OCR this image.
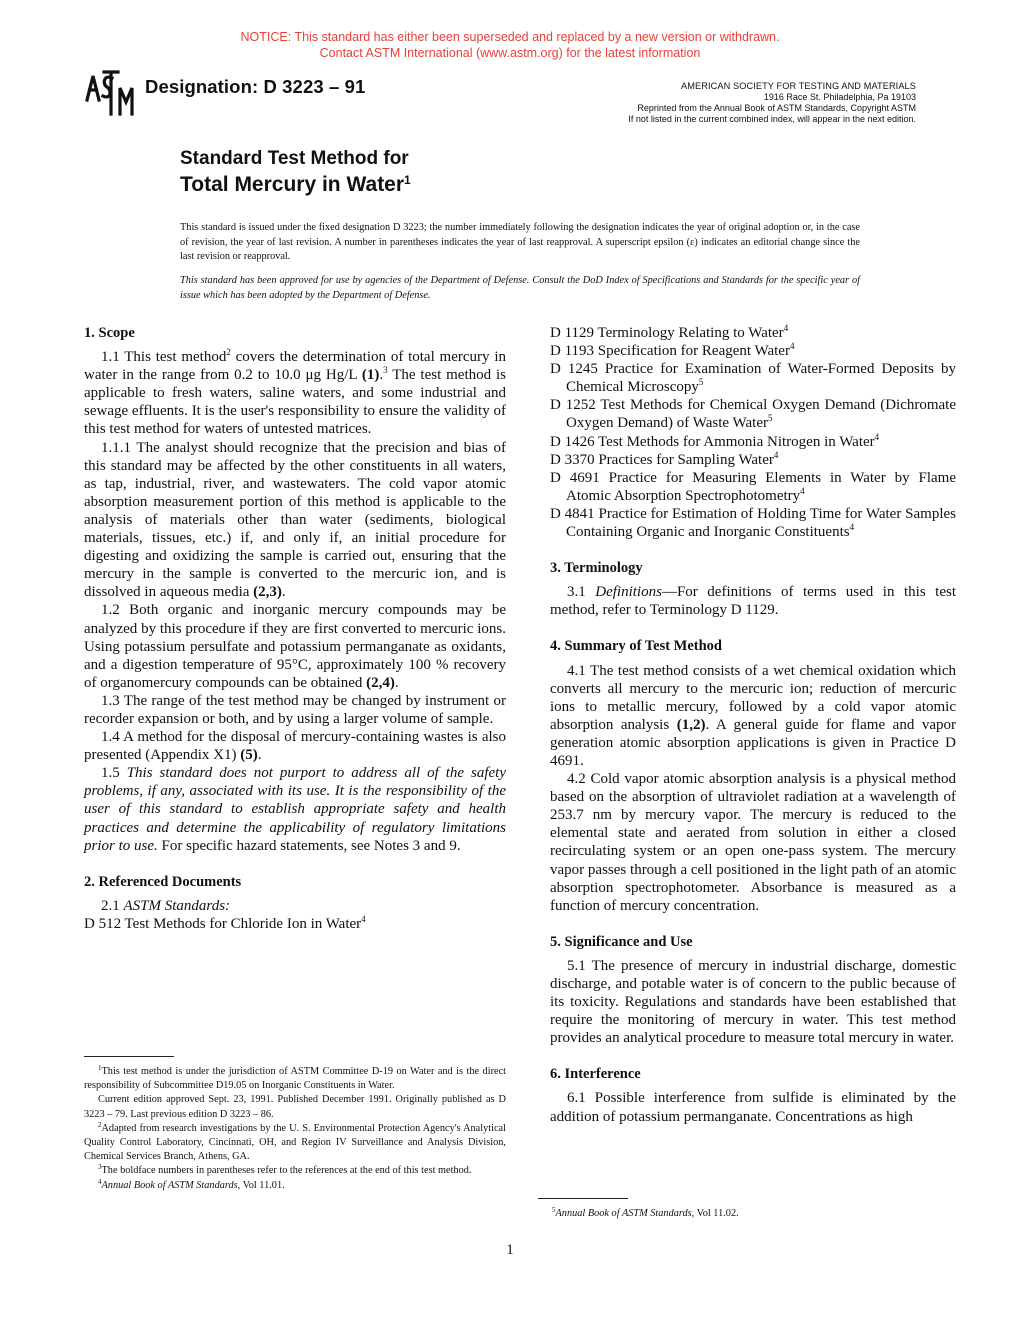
NOTICE: This standard has either been superseded and replaced by a new version or withdrawn.
Contact ASTM International (www.astm.org) for the latest information
Designation: D 3223 – 91	AMERICAN SOCIETY FOR TESTING AND MATERIALS
1916 Race St. Philadelphia, Pa 19103
Reprinted from the Annual Book of ASTM Standards, Copyright ASTM
If not listed in the current combined index, will appear in the next edition.
Standard Test Method for
Total Mercury in Water$^1$
This standard is issued under the fixed designation D 3223; the number immediately following the designation indicates the year of original adoption or, in the case of revision, the year of last revision. A number in parentheses indicates the year of last reapproval. A superscript epsilon (ε) indicates an editorial change since the last revision or reapproval.
This standard has been approved for use by agencies of the Department of Defense. Consult the DoD Index of Specifications and Standards for the specific year of issue which has been adopted by the Department of Defense.

1. Scope

1.1 This test method$^2$ covers the determination of total mercury in water in the range from 0.2 to 10.0 μg Hg/L (1).$^3$ The test method is applicable to fresh waters, saline waters, and some industrial and sewage effluents. It is the user's responsibility to ensure the validity of this test method for waters of untested matrices.

1.1.1 The analyst should recognize that the precision and bias of this standard may be affected by the other constituents in all waters, as tap, industrial, river, and wastewaters. The cold vapor atomic absorption measurement portion of this method is applicable to the analysis of materials other than water (sediments, biological materials, tissues, etc.) if, and only if, an initial procedure for digesting and oxidizing the sample is carried out, ensuring that the mercury in the sample is converted to the mercuric ion, and is dissolved in aqueous media (2,3).

1.2 Both organic and inorganic mercury compounds may be analyzed by this procedure if they are first converted to mercuric ions. Using potassium persulfate and potassium permanganate as oxidants, and a digestion temperature of 95°C, approximately 100 % recovery of organomercury compounds can be obtained (2,4).

1.3 The range of the test method may be changed by instrument or recorder expansion or both, and by using a larger volume of sample.

1.4 A method for the disposal of mercury-containing wastes is also presented (Appendix X1) (5).

1.5 This standard does not purport to address all of the safety problems, if any, associated with its use. It is the responsibility of the user of this standard to establish appropriate safety and health practices and determine the applicability of regulatory limitations prior to use. For specific hazard statements, see Notes 3 and 9.

2. Referenced Documents

2.1 ASTM Standards:

D 512 Test Methods for Chloride Ion in Water$^4$

$^1$This test method is under the jurisdiction of ASTM Committee D-19 on Water and is the direct responsibility of Subcommittee D19.05 on Inorganic Constituents in Water.

Current edition approved Sept. 23, 1991. Published December 1991. Originally published as D 3223 – 79. Last previous edition D 3223 – 86.

$^2$Adapted from research investigations by the U. S. Environmental Protection Agency's Analytical Quality Control Laboratory, Cincinnati, OH, and Region IV Surveillance and Analysis Division, Chemical Services Branch, Athens, GA.

$^3$The boldface numbers in parentheses refer to the references at the end of this test method.

$^4$Annual Book of ASTM Standards, Vol 11.01.

D 1129 Terminology Relating to Water$^4$

D 1193 Specification for Reagent Water$^4$

D 1245 Practice for Examination of Water-Formed Deposits by Chemical Microscopy$^5$

D 1252 Test Methods for Chemical Oxygen Demand (Dichromate Oxygen Demand) of Waste Water$^5$

D 1426 Test Methods for Ammonia Nitrogen in Water$^4$

D 3370 Practices for Sampling Water$^4$

D 4691 Practice for Measuring Elements in Water by Flame Atomic Absorption Spectrophotometry$^4$

D 4841 Practice for Estimation of Holding Time for Water Samples Containing Organic and Inorganic Constituents$^4$

3. Terminology

3.1 Definitions—For definitions of terms used in this test method, refer to Terminology D 1129.

4. Summary of Test Method

4.1 The test method consists of a wet chemical oxidation which converts all mercury to the mercuric ion; reduction of mercuric ions to metallic mercury, followed by a cold vapor atomic absorption analysis (1,2). A general guide for flame and vapor generation atomic absorption applications is given in Practice D 4691.

4.2 Cold vapor atomic absorption analysis is a physical method based on the absorption of ultraviolet radiation at a wavelength of 253.7 nm by mercury vapor. The mercury is reduced to the elemental state and aerated from solution in either a closed recirculating system or an open one-pass system. The mercury vapor passes through a cell positioned in the light path of an atomic absorption spectrophotometer. Absorbance is measured as a function of mercury concentration.

5. Significance and Use

5.1 The presence of mercury in industrial discharge, domestic discharge, and potable water is of concern to the public because of its toxicity. Regulations and standards have been established that require the monitoring of mercury in water. This test method provides an analytical procedure to measure total mercury in water.

6. Interference

6.1 Possible interference from sulfide is eliminated by the addition of potassium permanganate. Concentrations as high

$^5$Annual Book of ASTM Standards, Vol 11.02.

1
